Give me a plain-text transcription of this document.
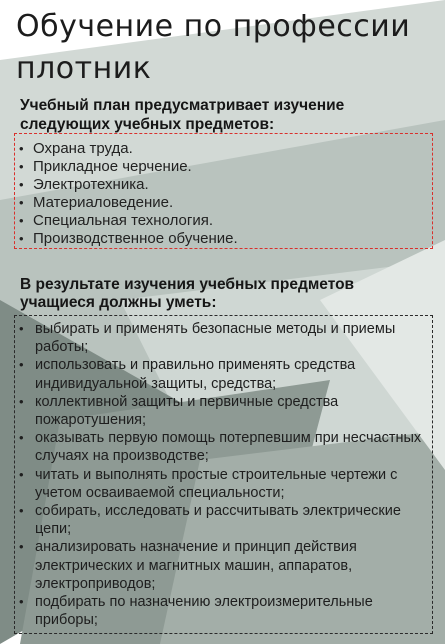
Обучение по профессии плотник

Учебный план предусматривает изучение следующих учебных предметов:

• Охрана труда.
• Прикладное черчение.
• Электротехника.
• Материаловедение.
• Специальная технология.
• Производственное обучение.

В результате изучения учебных предметов учащиеся должны уметь:

• выбирать и применять безопасные методы и приемы работы;
• использовать и правильно применять средства индивидуальной защиты, средства;
• коллективной защиты и первичные средства пожаротушения;
• оказывать первую помощь потерпевшим при несчастных случаях на производстве;
• читать и выполнять простые строительные чертежи с учетом осваиваемой специальности;
• собирать, исследовать и рассчитывать электрические цепи;
• анализировать назначение и принцип действия электрических и магнитных машин, аппаратов, электроприводов;
• подбирать по назначению электроизмерительные приборы;
